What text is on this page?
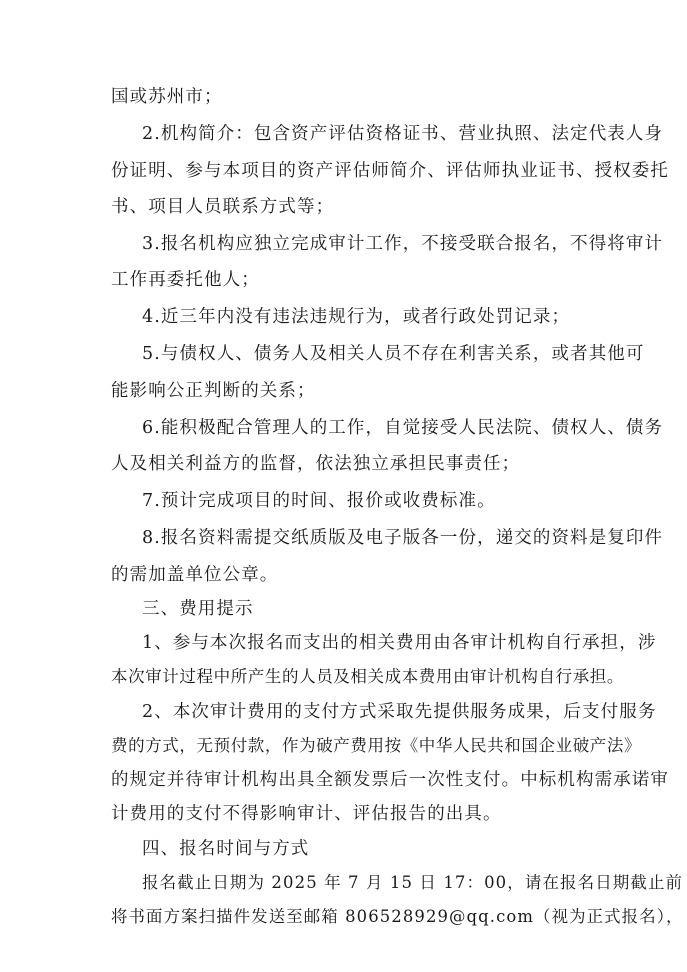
国或苏州市；
2.机构简介：包含资产评估资格证书、营业执照、法定代表人身
份证明、参与本项目的资产评估师简介、评估师执业证书、授权委托
书、项目人员联系方式等；
3.报名机构应独立完成审计工作，不接受联合报名，不得将审计
工作再委托他人；
4.近三年内没有违法违规行为，或者行政处罚记录；
5.与债权人、债务人及相关人员不存在利害关系，或者其他可
能影响公正判断的关系；
6.能积极配合管理人的工作，自觉接受人民法院、债权人、债务
人及相关利益方的监督，依法独立承担民事责任；
7.预计完成项目的时间、报价或收费标准。
8.报名资料需提交纸质版及电子版各一份，递交的资料是复印件
的需加盖单位公章。
三、费用提示
1、参与本次报名而支出的相关费用由各审计机构自行承担，涉
本次审计过程中所产生的人员及相关成本费用由审计机构自行承担。
2、本次审计费用的支付方式采取先提供服务成果，后支付服务
费的方式，无预付款，作为破产费用按《中华人民共和国企业破产法》
的规定并待审计机构出具全额发票后一次性支付。中标机构需承诺审
计费用的支付不得影响审计、评估报告的出具。
四、报名时间与方式
报名截止日期为 2025 年 7 月 15 日 17：00，请在报名日期截止前
将书面方案扫描件发送至邮箱 806528929@qq.com（视为正式报名），
